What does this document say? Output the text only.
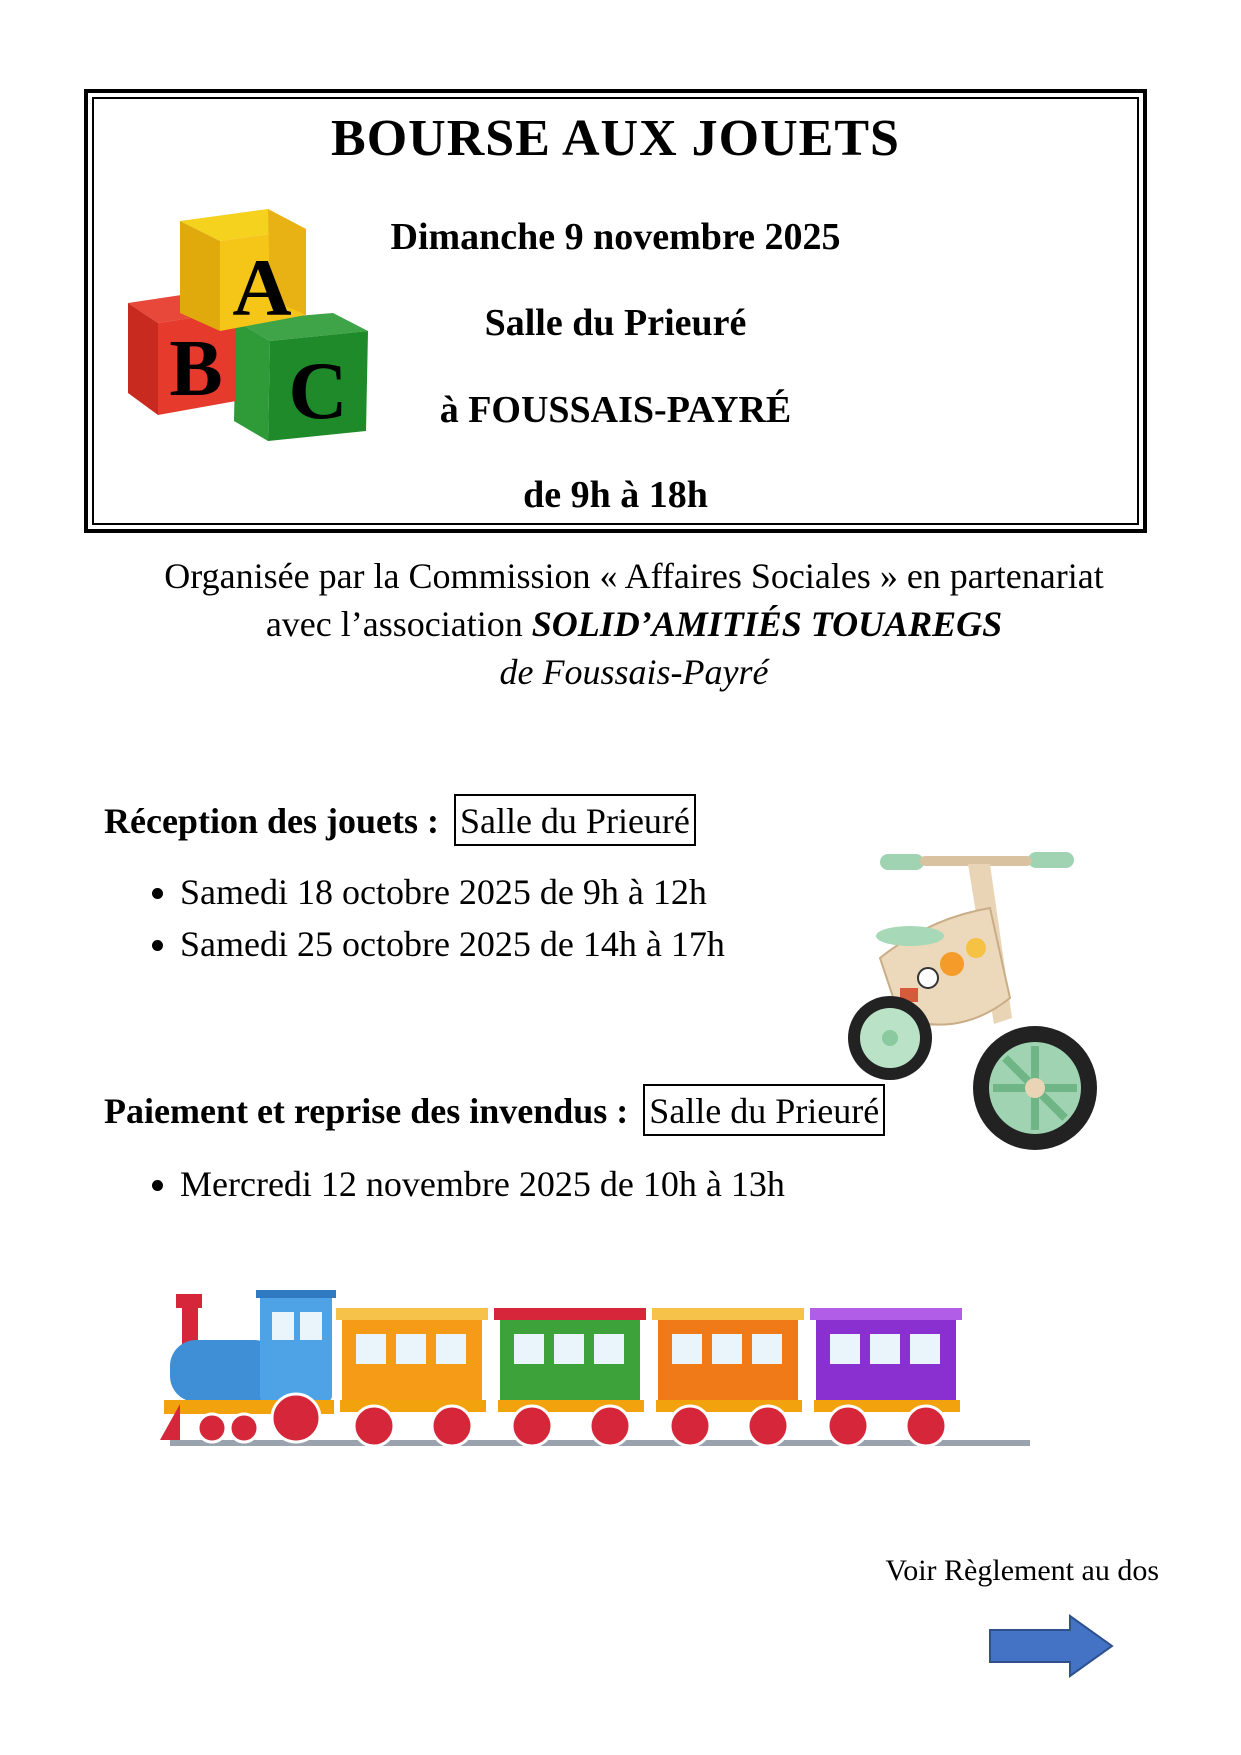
BOURSE AUX JOUETS
Dimanche 9 novembre 2025
Salle du Prieuré
à FOUSSAIS-PAYRÉ
de 9h à 18h
C
B
A
Organisée par la Commission « Affaires Sociales » en partenariat
avec l’association SOLID’AMITIÉS TOUAREGS
de Foussais-Payré
Réception des jouets : Salle du Prieuré
• Samedi 18 octobre 2025 de 9h à 12h
• Samedi 25 octobre 2025 de 14h à 17h
Paiement et reprise des invendus : Salle du Prieuré
• Mercredi 12 novembre 2025 de 10h à 13h
Voir Règlement au dos
